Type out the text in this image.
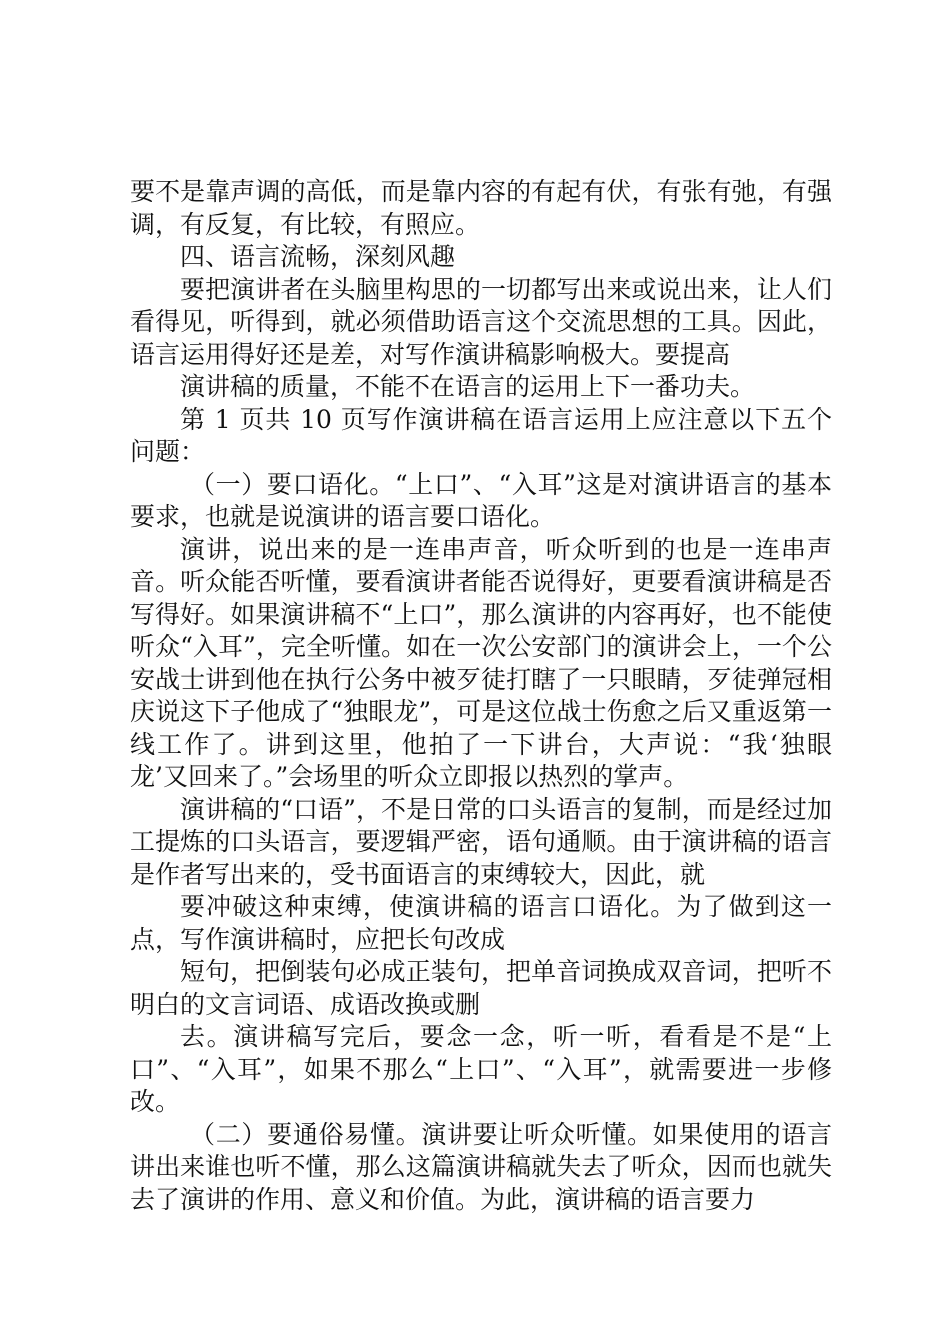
要不是靠声调的高低，而是靠内容的有起有伏，有张有弛，有强调，有反复，有比较，有照应。

四、语言流畅，深刻风趣

要把演讲者在头脑里构思的一切都写出来或说出来，让人们看得见，听得到，就必须借助语言这个交流思想的工具。因此，语言运用得好还是差，对写作演讲稿影响极大。要提高

演讲稿的质量，不能不在语言的运用上下一番功夫。

第 1 页共 10 页写作演讲稿在语言运用上应注意以下五个问题：

（一）要口语化。“上口”、“入耳”这是对演讲语言的基本要求，也就是说演讲的语言要口语化。

演讲，说出来的是一连串声音，听众听到的也是一连串声音。听众能否听懂，要看演讲者能否说得好，更要看演讲稿是否写得好。如果演讲稿不“上口”，那么演讲的内容再好，也不能使听众“入耳”，完全听懂。如在一次公安部门的演讲会上，一个公安战士讲到他在执行公务中被歹徒打瞎了一只眼睛，歹徒弹冠相庆说这下子他成了“独眼龙”，可是这位战士伤愈之后又重返第一线工作了。讲到这里，他拍了一下讲台，大声说：“我‘独眼龙’又回来了。”会场里的听众立即报以热烈的掌声。

演讲稿的“口语”，不是日常的口头语言的复制，而是经过加工提炼的口头语言，要逻辑严密，语句通顺。由于演讲稿的语言是作者写出来的，受书面语言的束缚较大，因此，就

要冲破这种束缚，使演讲稿的语言口语化。为了做到这一点，写作演讲稿时，应把长句改成

短句，把倒装句必成正装句，把单音词换成双音词，把听不明白的文言词语、成语改换或删

去。演讲稿写完后，要念一念，听一听，看看是不是“上口”、“入耳”，如果不那么“上口”、“入耳”，就需要进一步修改。

（二）要通俗易懂。演讲要让听众听懂。如果使用的语言讲出来谁也听不懂，那么这篇演讲稿就失去了听众，因而也就失去了演讲的作用、意义和价值。为此，演讲稿的语言要力
